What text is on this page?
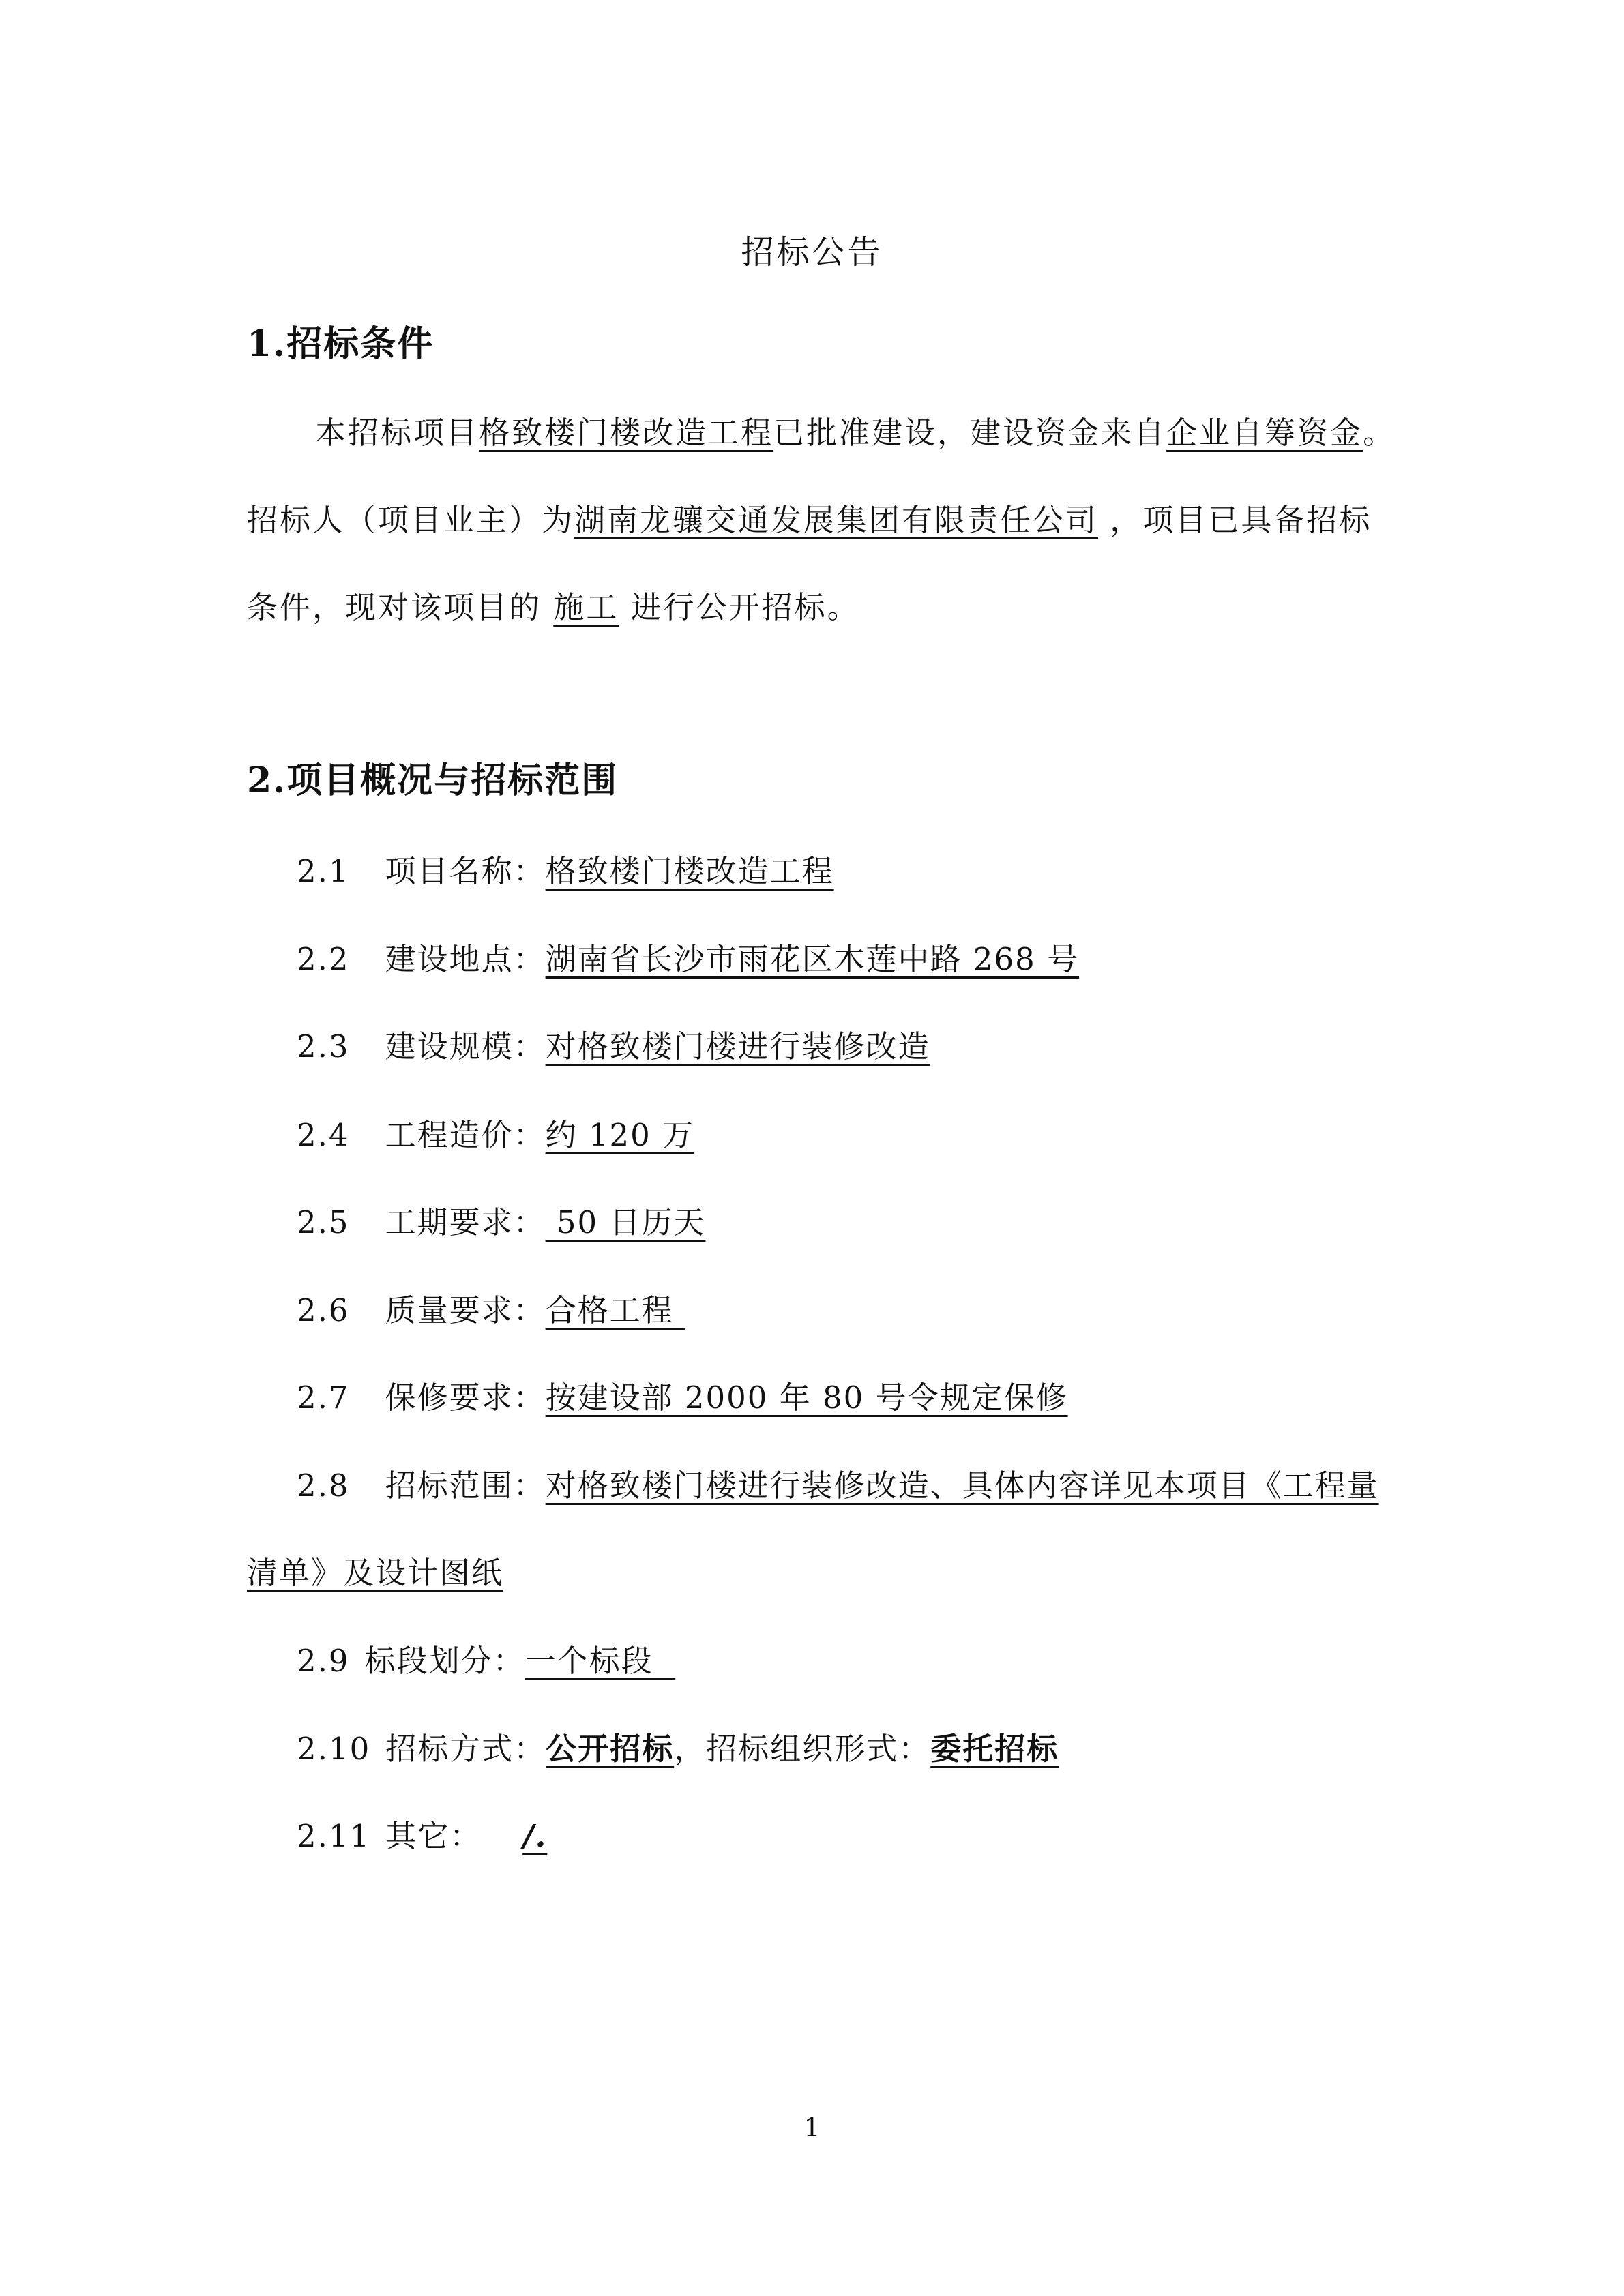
招标公告
1.招标条件
本招标项目格致楼门楼改造工程已批准建设，建设资金来自企业自筹资金。
招标人（项目业主）为湖南龙骧交通发展集团有限责任公司 ，项目已具备招标
条件，现对该项目的 施工 进行公开招标。
2.项目概况与招标范围
2.1 项目名称：格致楼门楼改造工程
2.2 建设地点：湖南省长沙市雨花区木莲中路 268 号
2.3 建设规模：对格致楼门楼进行装修改造
2.4 工程造价：约 120 万
2.5 工期要求： 50 日历天
2.6 质量要求：合格工程
2.7 保修要求：按建设部 2000 年 80 号令规定保修
2.8 招标范围：对格致楼门楼进行装修改造、具体内容详见本项目《工程量
清单》及设计图纸
2.9 标段划分：一个标段
2.10 招标方式：公开招标，招标组织形式：委托招标
2.11 其它： /.
1
